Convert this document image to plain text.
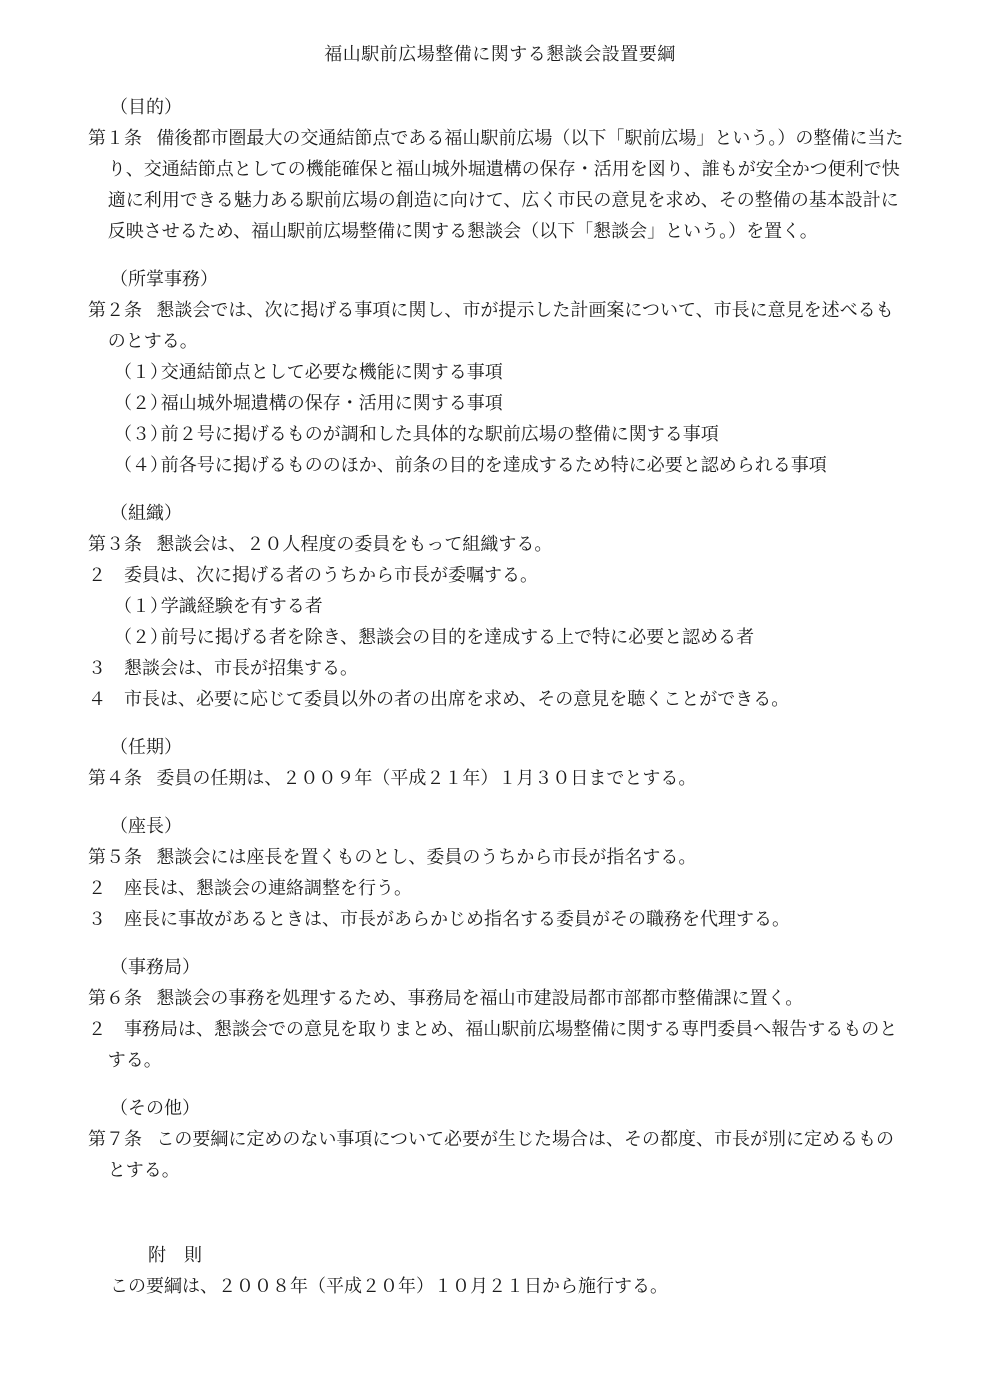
福山駅前広場整備に関する懇談会設置要綱
（目的）
第１条 備後都市圏最大の交通結節点である福山駅前広場（以下「駅前広場」という。）の整備に当たり、交通結節点としての機能確保と福山城外堀遺構の保存・活用を図り、誰もが安全かつ便利で快適に利用できる魅力ある駅前広場の創造に向けて、広く市民の意見を求め、その整備の基本設計に反映させるため、福山駅前広場整備に関する懇談会（以下「懇談会」という。）を置く。
（所掌事務）
第２条 懇談会では、次に掲げる事項に関し、市が提示した計画案について、市長に意見を述べるものとする。
（１）交通結節点として必要な機能に関する事項
（２）福山城外堀遺構の保存・活用に関する事項
（３）前２号に掲げるものが調和した具体的な駅前広場の整備に関する事項
（４）前各号に掲げるもののほか、前条の目的を達成するため特に必要と認められる事項
（組織）
第３条 懇談会は、２０人程度の委員をもって組織する。
２ 委員は、次に掲げる者のうちから市長が委嘱する。
（１）学識経験を有する者
（２）前号に掲げる者を除き、懇談会の目的を達成する上で特に必要と認める者
３ 懇談会は、市長が招集する。
４ 市長は、必要に応じて委員以外の者の出席を求め、その意見を聴くことができる。
（任期）
第４条 委員の任期は、２００９年（平成２１年）１月３０日までとする。
（座長）
第５条 懇談会には座長を置くものとし、委員のうちから市長が指名する。
２ 座長は、懇談会の連絡調整を行う。
３ 座長に事故があるときは、市長があらかじめ指名する委員がその職務を代理する。
（事務局）
第６条 懇談会の事務を処理するため、事務局を福山市建設局都市部都市整備課に置く。
２ 事務局は、懇談会での意見を取りまとめ、福山駅前広場整備に関する専門委員へ報告するものとする。
（その他）
第７条 この要綱に定めのない事項について必要が生じた場合は、その都度、市長が別に定めるものとする。
附　則
この要綱は、２００８年（平成２０年）１０月２１日から施行する。
